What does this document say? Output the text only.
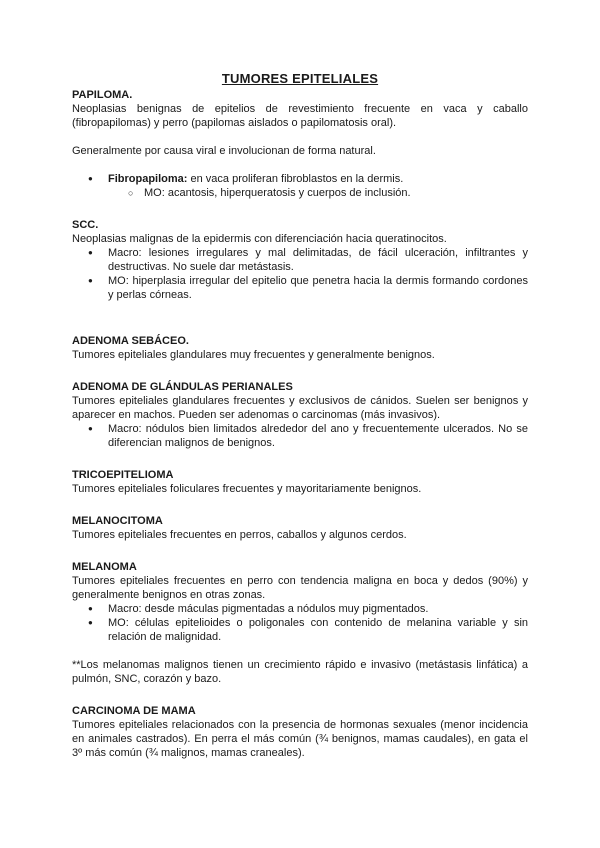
TUMORES EPITELIALES
PAPILOMA.

Neoplasias benignas de epitelios de revestimiento frecuente en vaca y caballo (fibropapilomas) y perro (papilomas aislados o papilomatosis oral).

Generalmente por causa viral e involucionan de forma natural.

● Fibropapiloma: en vaca proliferan fibroblastos en la dermis.
○ MO: acantosis, hiperqueratosis y cuerpos de inclusión.
SCC.

Neoplasias malignas de la epidermis con diferenciación hacia queratinocitos.

● Macro: lesiones irregulares y mal delimitadas, de fácil ulceración, infiltrantes y destructivas. No suele dar metástasis.
● MO: hiperplasia irregular del epitelio que penetra hacia la dermis formando cordones y perlas córneas.
ADENOMA SEBÁCEO.

Tumores epiteliales glandulares muy frecuentes y generalmente benignos.

ADENOMA DE GLÁNDULAS PERIANALES

Tumores epiteliales glandulares frecuentes y exclusivos de cánidos. Suelen ser benignos y aparecer en machos. Pueden ser adenomas o carcinomas (más invasivos).

● Macro: nódulos bien limitados alrededor del ano y frecuentemente ulcerados. No se diferencian malignos de benignos.
TRICOEPITELIOMA

Tumores epiteliales foliculares frecuentes y mayoritariamente benignos.

MELANOCITOMA

Tumores epiteliales frecuentes en perros, caballos y algunos cerdos.

MELANOMA

Tumores epiteliales frecuentes en perro con tendencia maligna en boca y dedos (90%) y generalmente benignos en otras zonas.

● Macro: desde máculas pigmentadas a nódulos muy pigmentados.
● MO: células epitelioides o poligonales con contenido de melanina variable y sin relación de malignidad.

**Los melanomas malignos tienen un crecimiento rápido e invasivo (metástasis linfática) a pulmón, SNC, corazón y bazo.

CARCINOMA DE MAMA

Tumores epiteliales relacionados con la presencia de hormonas sexuales (menor incidencia en animales castrados). En perra el más común (¾ benignos, mamas caudales), en gata el 3º más común (¾ malignos, mamas craneales).
